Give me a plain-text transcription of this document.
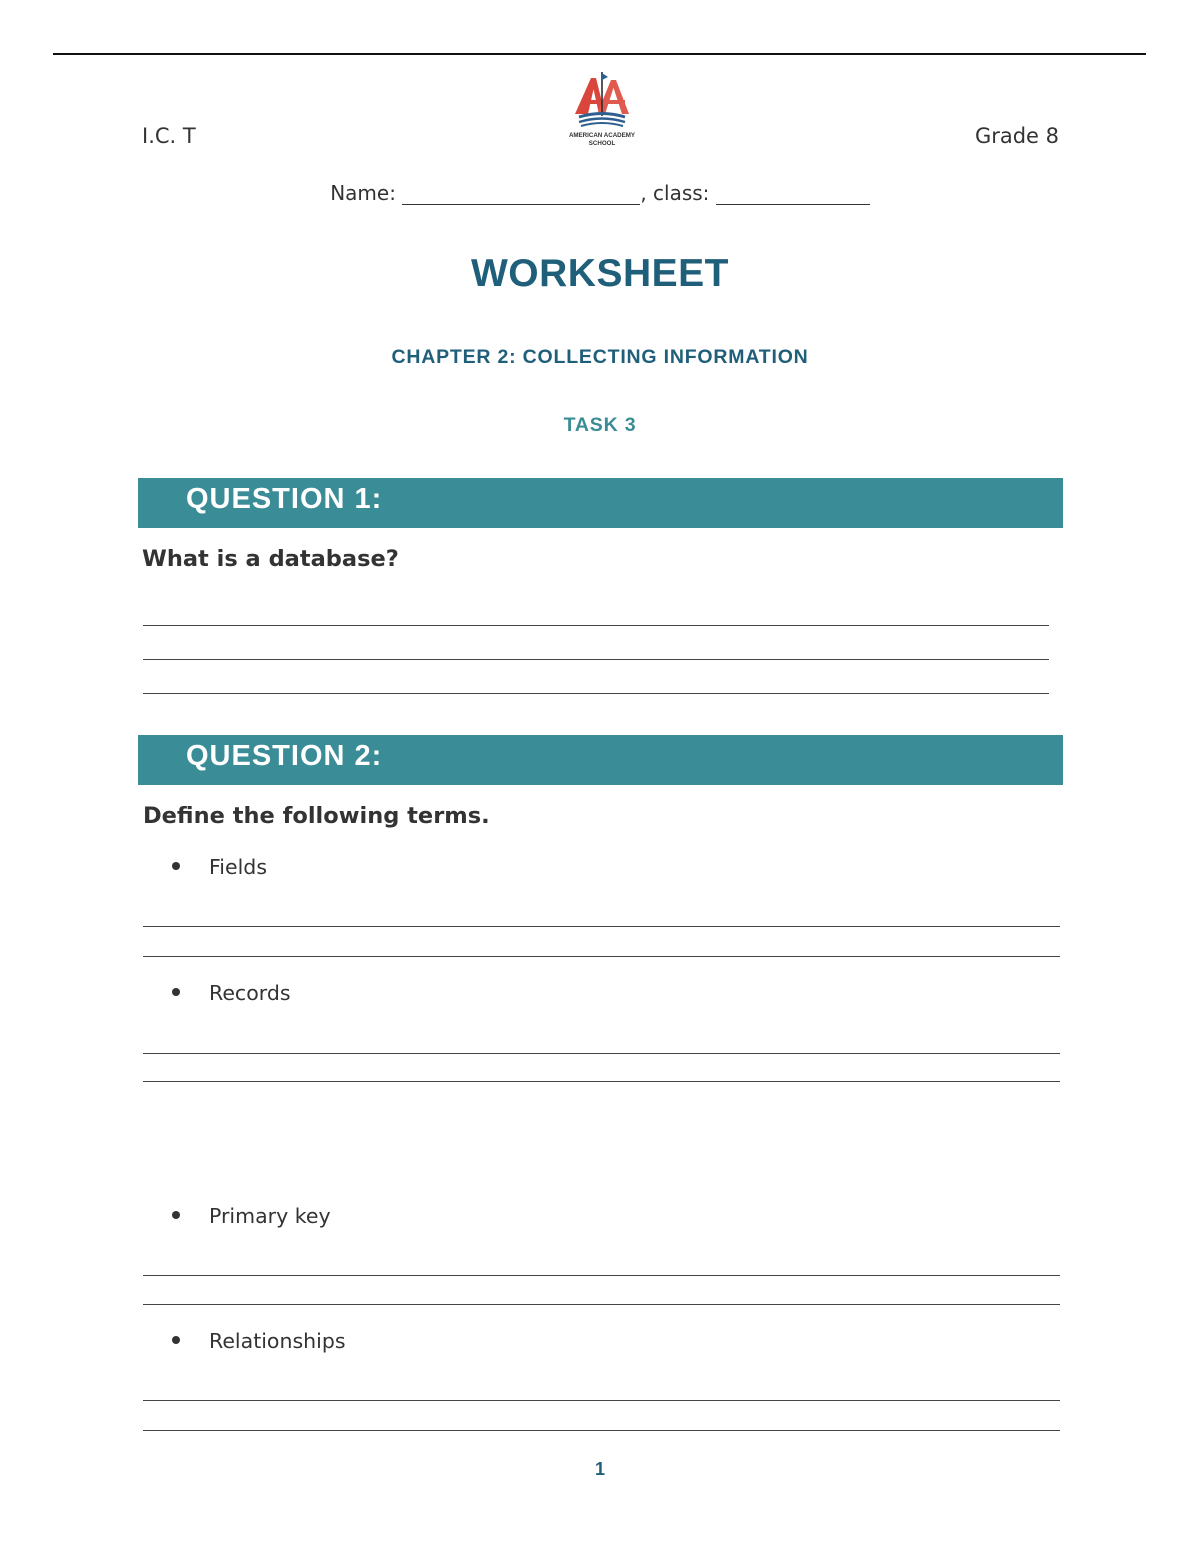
I.C. T	AMERICAN ACADEMY
SCHOOL	Grade 8
Name:	, class:
WORKSHEET
CHAPTER 2: COLLECTING INFORMATION
TASK 3
QUESTION 1:
What is a database?
QUESTION 2:
Define the following terms.
Fields
Records
Primary key
Relationships
1
